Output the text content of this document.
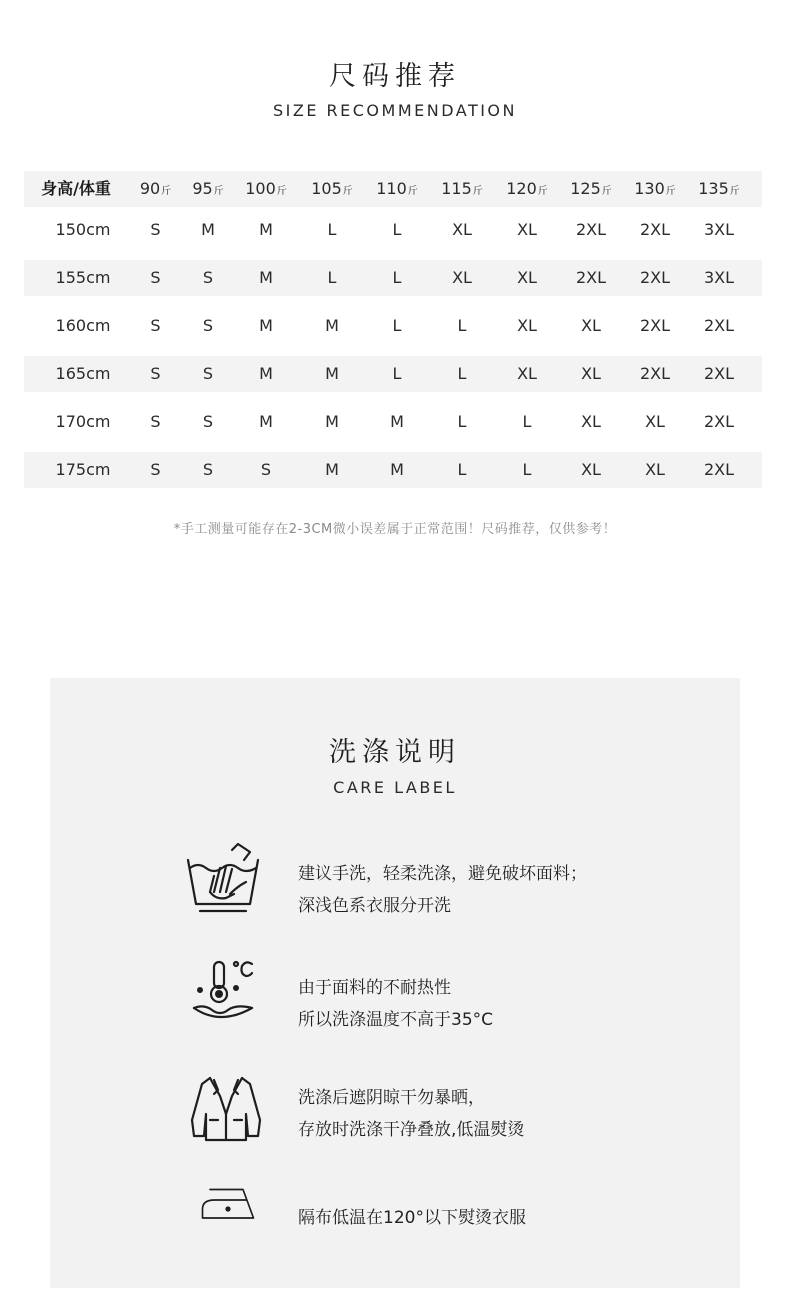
尺码推荐
SIZE RECOMMENDATION
身高/体重	90斤	95斤	100斤	105斤	110斤	115斤	120斤	125斤	130斤	135斤
150cm	S	M	M	L	L	XL	XL	2XL	2XL	3XL
155cm	S	S	M	L	L	XL	XL	2XL	2XL	3XL
160cm	S	S	M	M	L	L	XL	XL	2XL	2XL
165cm	S	S	M	M	L	L	XL	XL	2XL	2XL
170cm	S	S	M	M	M	L	L	XL	XL	2XL
175cm	S	S	S	M	M	L	L	XL	XL	2XL
*手工测量可能存在2-3CM微小误差属于正常范围！尺码推荐，仅供参考！
洗涤说明
CARE LABEL
建议手洗，轻柔洗涤，避免破坏面料；
深浅色系衣服分开洗
由于面料的不耐热性
所以洗涤温度不高于35°C
洗涤后遮阴晾干勿暴晒，
存放时洗涤干净叠放,低温熨烫
隔布低温在120°以下熨烫衣服
